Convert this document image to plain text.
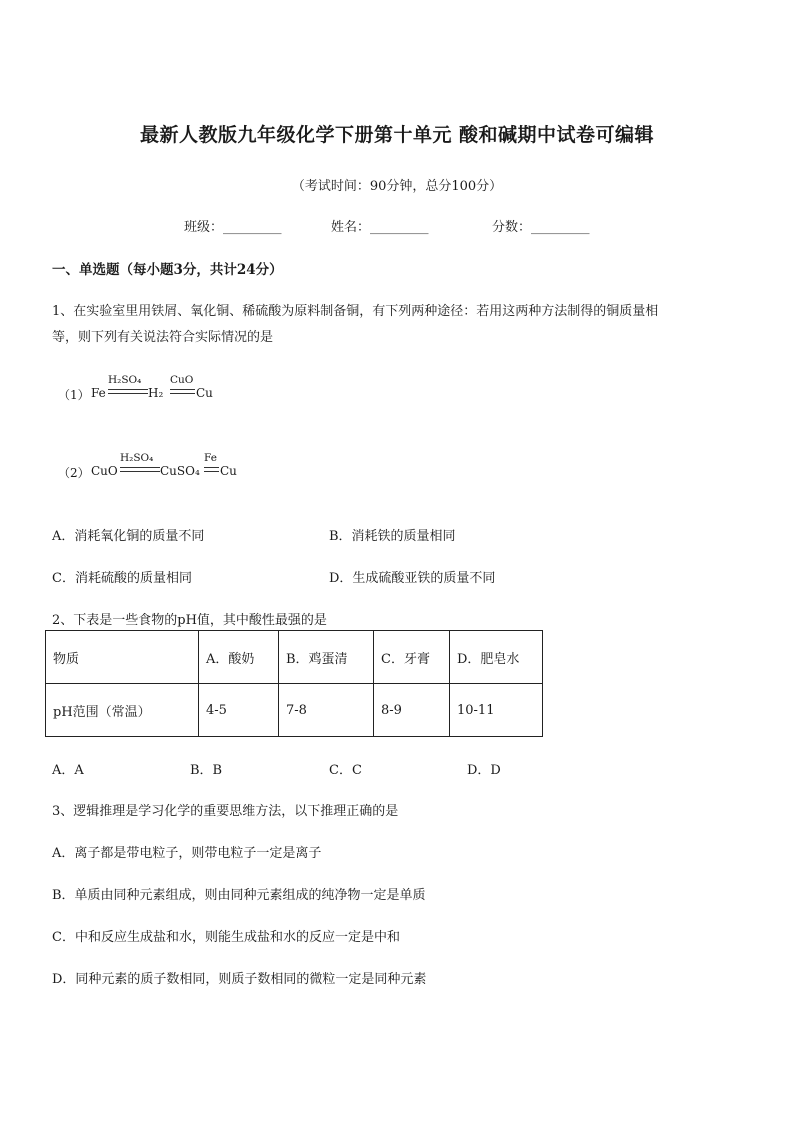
最新人教版九年级化学下册第十单元 酸和碱期中试卷可编辑
（考试时间：90分钟，总分100分）
班级：_________	姓名：_________	分数：_________
一、单选题（每小题3分，共计24分）
1、在实验室里用铁屑、氧化铜、稀硫酸为原料制备铜，有下列两种途径：若用这两种方法制得的铜质量相
等，则下列有关说法符合实际情况的是
（1） Fe
H₂SO₄
H₂
CuO
Cu
（2） CuO
H₂SO₄
CuSO₄
Fe
Cu
A．消耗氧化铜的质量不同	B．消耗铁的质量相同
C．消耗硫酸的质量相同	D．生成硫酸亚铁的质量不同
2、下表是一些食物的pH值，其中酸性最强的是
物质	A．酸奶	B．鸡蛋清	C．牙膏	D．肥皂水
pH范围（常温）	4-5	7-8	8-9	10-11
A．A	B．B	C．C	D．D
3、逻辑推理是学习化学的重要思维方法，以下推理正确的是
A．离子都是带电粒子，则带电粒子一定是离子
B．单质由同种元素组成，则由同种元素组成的纯净物一定是单质
C．中和反应生成盐和水，则能生成盐和水的反应一定是中和
D．同种元素的质子数相同，则质子数相同的微粒一定是同种元素
